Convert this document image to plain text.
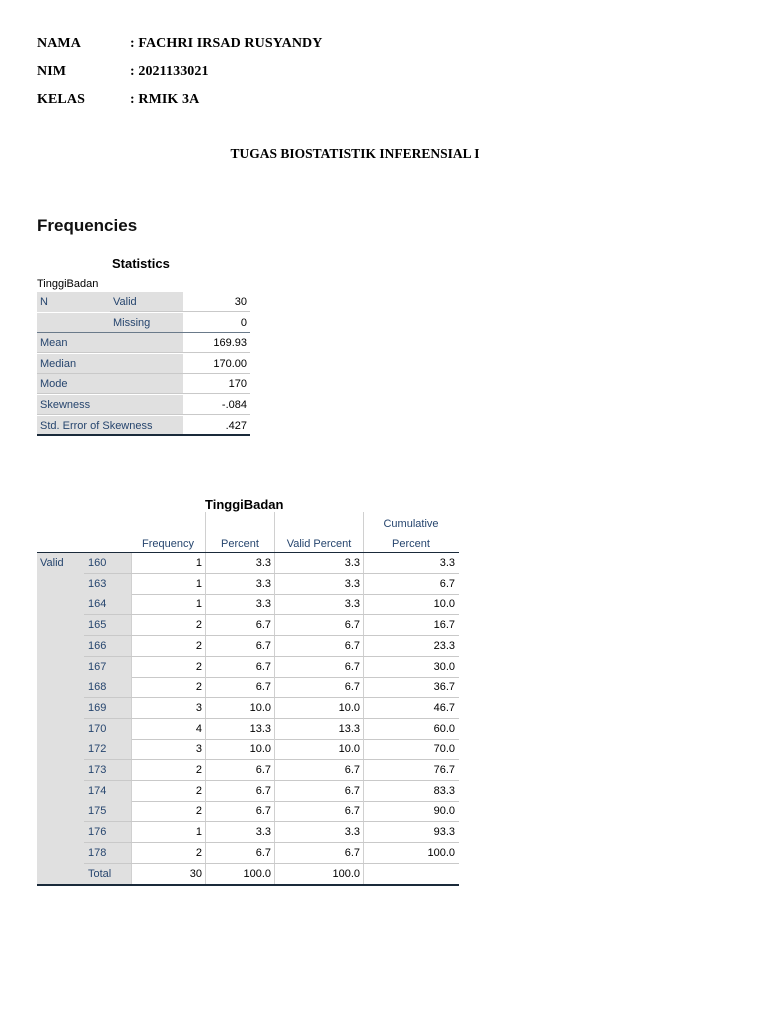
NAMA	: FACHRI IRSAD RUSYANDY
NIM	: 2021133021
KELAS	: RMIK 3A
TUGAS BIOSTATISTIK INFERENSIAL I
Frequencies
Statistics
TinggiBadan
N	Valid	30
Missing	0
Mean	169.93
Median	170.00
Mode	170
Skewness	-.084
Std. Error of Skewness	.427
TinggiBadan
Frequency	Percent	Valid Percent
Cumulative
Percent
Valid 160	1	3.3	3.3	3.3
163	1	3.3	3.3	6.7
164	1	3.3	3.3	10.0
165	2	6.7	6.7	16.7
166	2	6.7	6.7	23.3
167	2	6.7	6.7	30.0
168	2	6.7	6.7	36.7
169	3	10.0	10.0	46.7
170	4	13.3	13.3	60.0
172	3	10.0	10.0	70.0
173	2	6.7	6.7	76.7
174	2	6.7	6.7	83.3
175	2	6.7	6.7	90.0
176	1	3.3	3.3	93.3
178	2	6.7	6.7	100.0
Total	30	100.0	100.0
